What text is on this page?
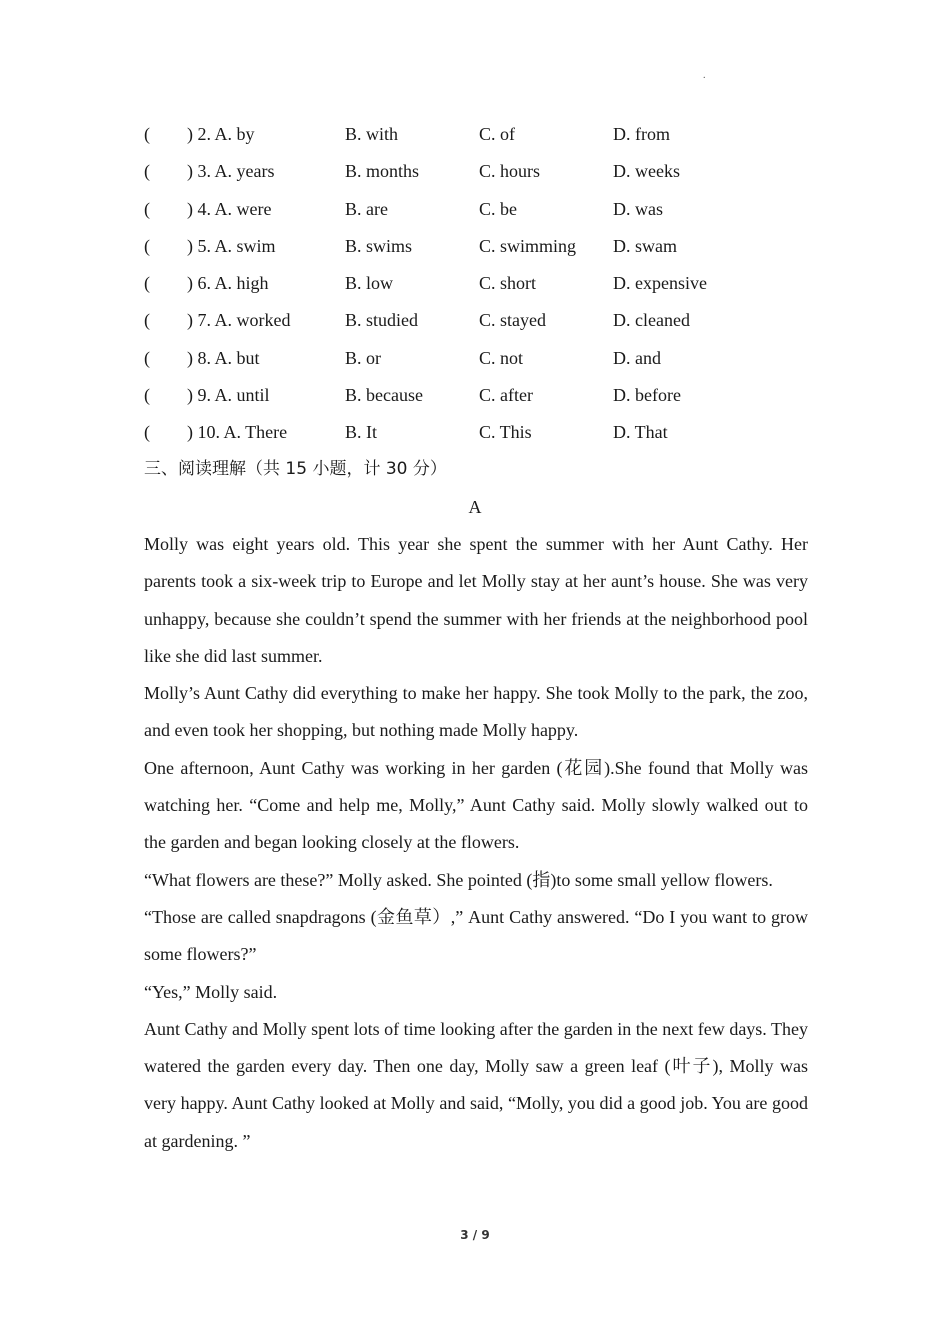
.
( ) 2. A. by	B. with	C. of	D. from
( ) 3. A. years	B. months	C. hours	D. weeks
( ) 4. A. were	B. are	C. be	D. was
( ) 5. A. swim	B. swims	C. swimming D. swam
( ) 6. A. high	B. low	C. short	D. expensive
( ) 7. A. worked	B. studied	C. stayed	D. cleaned
( ) 8. A. but	B. or	C. not	D. and
( ) 9. A. until	B. because	C. after	D. before
( ) 10. A. There	B. It	C. This	D. That
三、阅读理解（共 15 小题，计 30 分）
A

Molly was eight years old. This year she spent the summer with her Aunt Cathy. Her parents took a six-week trip to Europe and let Molly stay at her aunt’s house. She was very unhappy, because she couldn’t spend the summer with her friends at the neighborhood pool like she did last summer.

Molly’s Aunt Cathy did everything to make her happy. She took Molly to the park, the zoo, and even took her shopping, but nothing made Molly happy.

One afternoon, Aunt Cathy was working in her garden (花园).She found that Molly was watching her. “Come and help me, Molly,” Aunt Cathy said. Molly slowly walked out to the garden and began looking closely at the flowers.

“What flowers are these?” Molly asked. She pointed (指)to some small yellow flowers.

“Those are called snapdragons (金鱼草）,” Aunt Cathy answered. “Do I you want to grow some flowers?”

“Yes,” Molly said.

Aunt Cathy and Molly spent lots of time looking after the garden in the next few days. They watered the garden every day. Then one day, Molly saw a green leaf (叶子), Molly was very happy. Aunt Cathy looked at Molly and said, “Molly, you did a good job. You are good at gardening. ”

3 / 9
